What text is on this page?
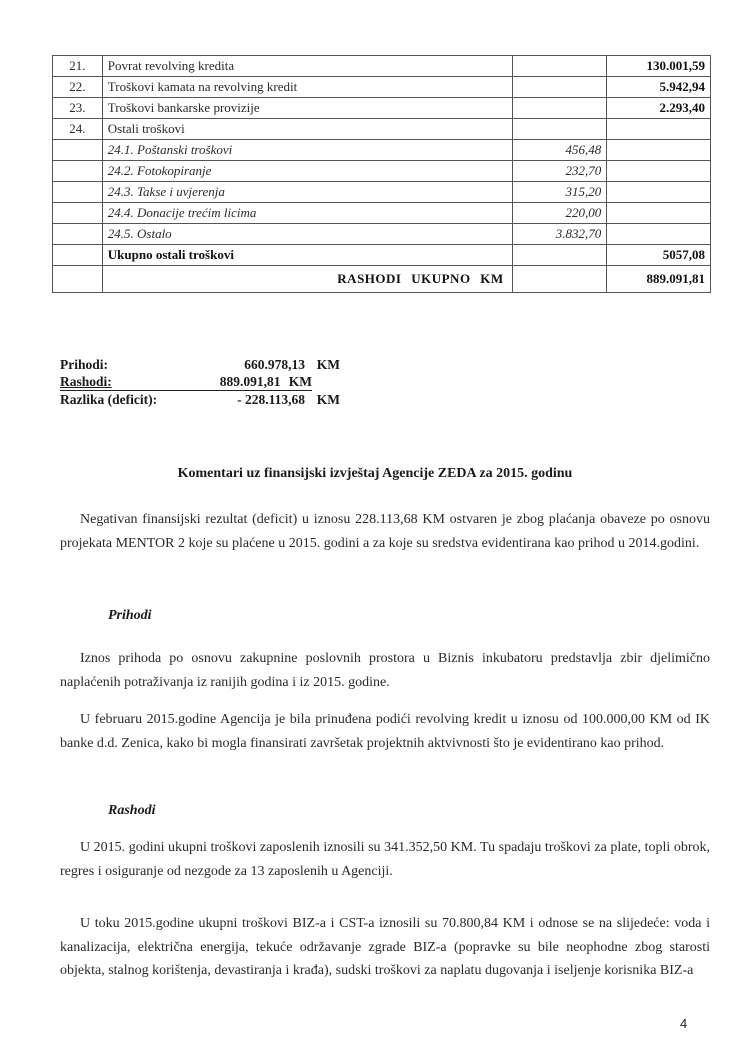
21.	Povrat revolving kredita		130.001,59
22.	Troškovi kamata na revolving kredit		5.942,94
23.	Troškovi bankarske provizije		2.293,40
24.	Ostali troškovi		
	24.1. Poštanski troškovi	456,48	
	24.2. Fotokopiranje	232,70	
	24.3. Takse i uvjerenja	315,20	
	24.4. Donacije trećim licima	220,00	
	24.5. Ostalo	3.832,70	
	Ukupno ostali troškovi		5057,08
	RASHODI UKUPNO KM		889.091,81
Prihodi:	660.978,13 KM
Rashodi:	889.091,81 KM
Razlika (deficit):	- 228.113,68 KM
Komentari uz finansijski izvještaj Agencije ZEDA za 2015. godinu
Negativan finansijski rezultat (deficit) u iznosu 228.113,68 KM ostvaren je zbog plaćanja obaveze po osnovu projekata MENTOR 2 koje su plaćene u 2015. godini a za koje su sredstva evidentirana kao prihod u 2014.godini.
Prihodi
Iznos prihoda po osnovu zakupnine poslovnih prostora u Biznis inkubatoru predstavlja zbir djelimično naplaćenih potraživanja iz ranijih godina i iz 2015. godine.
U februaru 2015.godine Agencija je bila prinuđena podići revolving kredit u iznosu od 100.000,00 KM od IK banke d.d. Zenica, kako bi mogla finansirati završetak projektnih aktvivnosti što je evidentirano kao prihod.
Rashodi
U 2015. godini ukupni troškovi zaposlenih iznosili su 341.352,50 KM. Tu spadaju troškovi za plate, topli obrok, regres i osiguranje od nezgode za 13 zaposlenih u Agenciji.
U toku 2015.godine ukupni troškovi BIZ-a i CST-a iznosili su 70.800,84 KM i odnose se na slijedeće: voda i kanalizacija, električna energija, tekuće održavanje zgrade BIZ-a (popravke su bile neophodne zbog starosti objekta, stalnog korištenja, devastiranja i krađa), sudski troškovi za naplatu dugovanja i iseljenje korisnika BIZ-a
4
